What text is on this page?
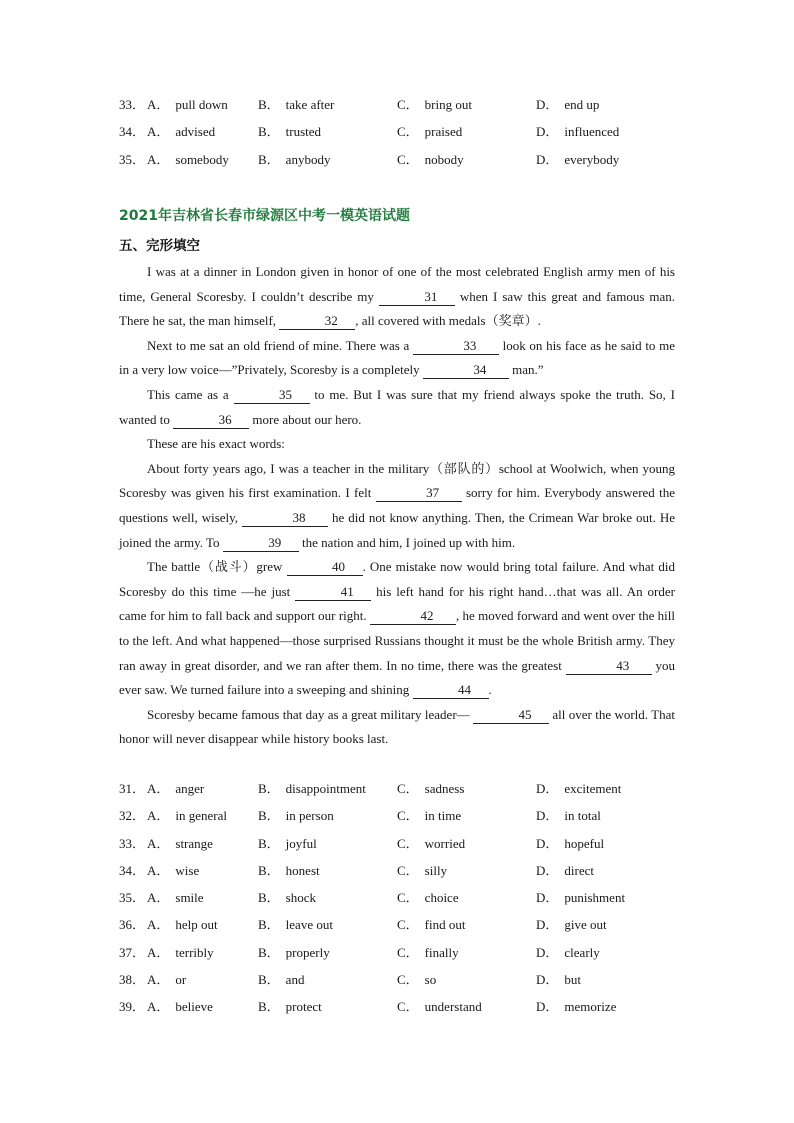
33． A． pull down B． take after	C． bring out	D． end up
34． A． advised	B． trusted	C． praised	D． influenced
35． A． somebody B． anybody	C． nobody	D． everybody
2021年吉林省长春市绿源区中考一模英语试题
五、完形填空

I was at a dinner in London given in honor of one of the most celebrated English army men of his time, General Scoresby. I couldn’t describe my	31 when I saw this great and famous man. There he sat, the man himself,	32 , all covered with medals（奖章）.

Next to me sat an old friend of mine. There was a	33 look on his face as he said to me in a very low voice—”Privately, Scoresby is a completely	34 man.”

This came as a	35 to me. But I was sure that my friend always spoke the truth. So, I wanted to	36 more about our hero.

These are his exact words:

About forty years ago, I was a teacher in the military（部队的）school at Woolwich, when young Scoresby was given his first examination. I felt	37 sorry for him. Everybody answered the questions well, wisely,	38 he did not know anything. Then, the Crimean War broke out. He joined the army. To	39 the nation and him, I joined up with him.

The battle（战斗）grew	40 . One mistake now would bring total failure. And what did Scoresby do this time —he just	41 his left hand for his right hand…that was all. An order came for him to fall back and support our right.	42 , he moved forward and went over the hill to the left. And what happened—those surprised Russians thought it must be the whole British army. They ran away in great disorder, and we ran after them. In no time, there was the greatest	43 you ever saw. We turned failure into a sweeping and shining	44 .

Scoresby became famous that day as a great military leader—	45 all over the world. That honor will never disappear while history books last.

31． A． anger	B． disappointment C． sadness	D． excitement
32． A． in general B． in person	C． in time	D． in total
33． A． strange	B． joyful	C． worried	D． hopeful
34． A． wise	B． honest	C． silly	D． direct
35． A． smile	B． shock	C． choice	D． punishment
36． A． help out	B． leave out	C． find out	D． give out
37． A． terribly	B． properly	C． finally	D． clearly
38． A． or	B． and	C． so	D． but
39． A． believe	B． protect	C． understand	D． memorize
